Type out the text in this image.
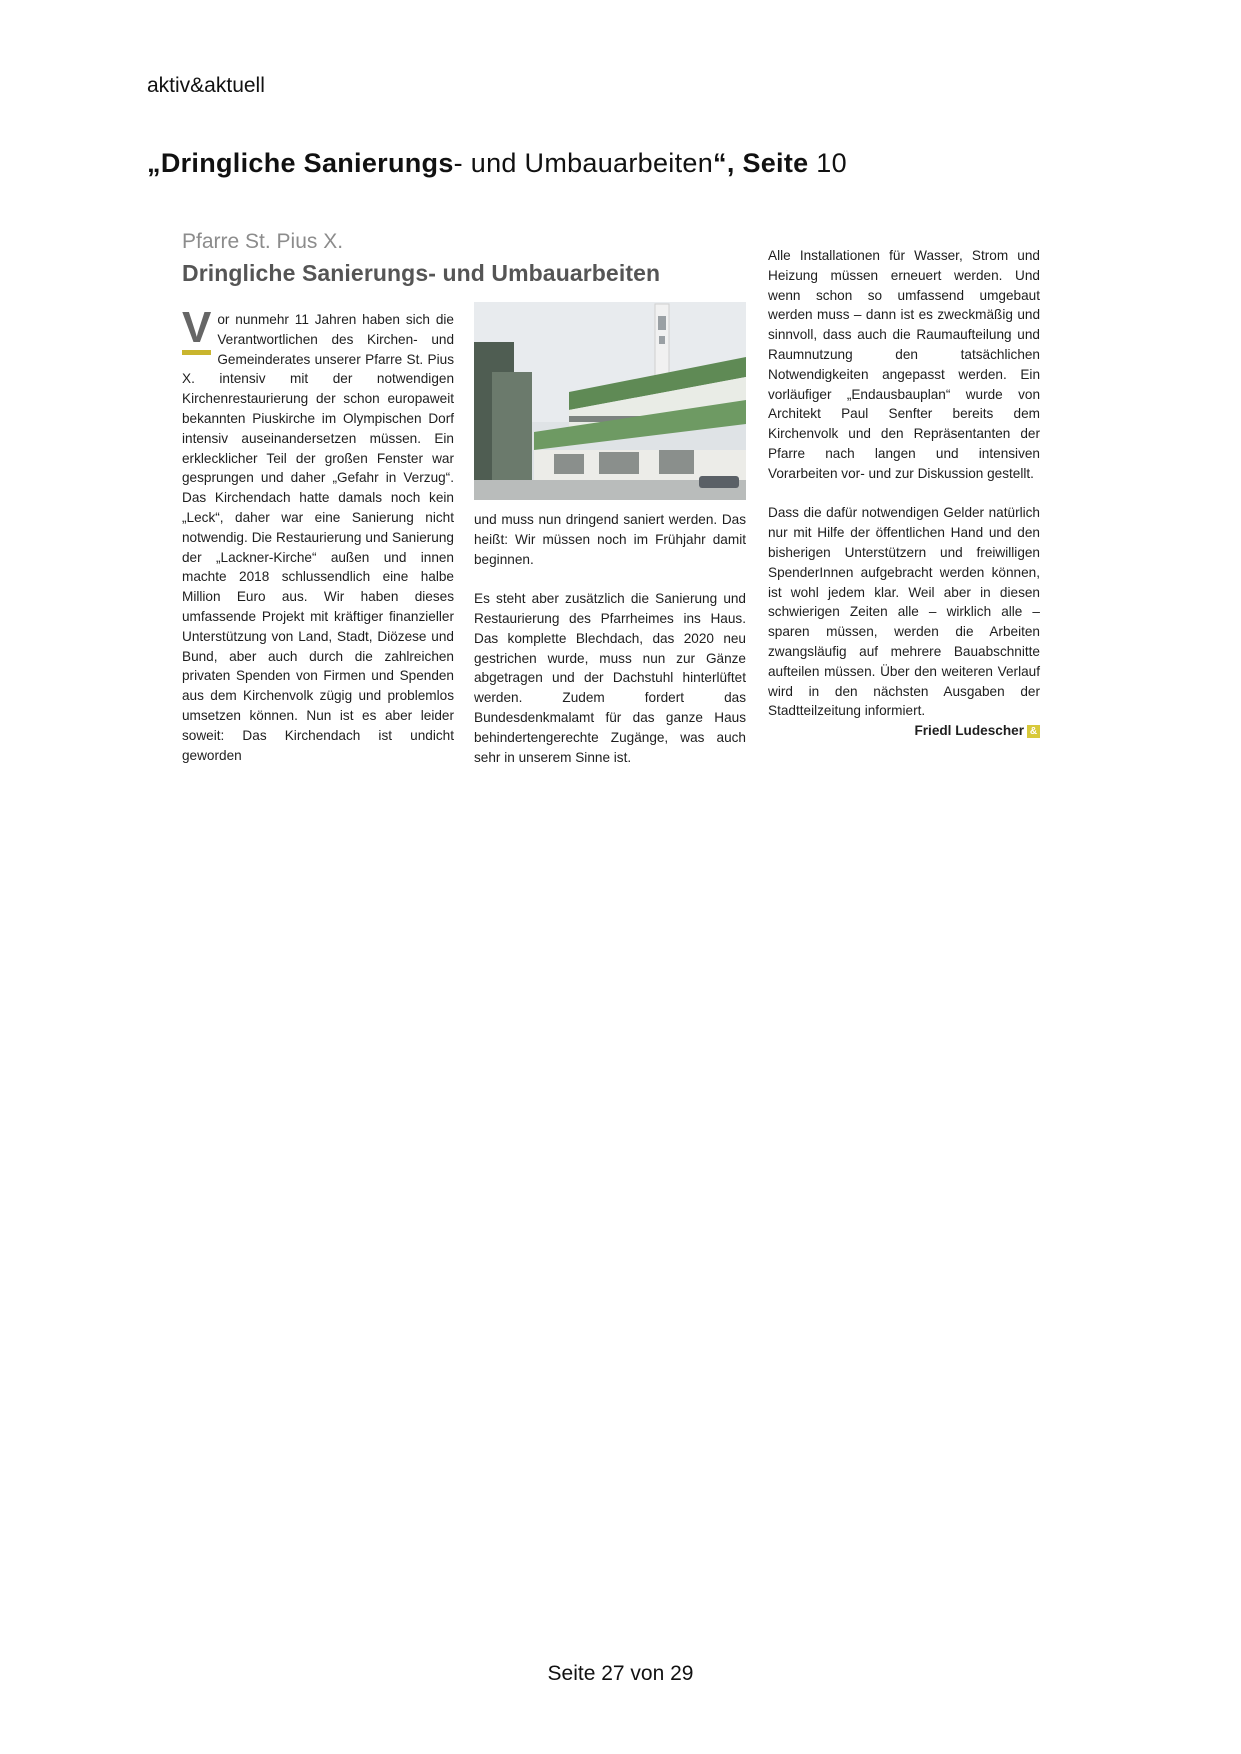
aktiv&aktuell
„Dringliche Sanierungs- und Umbauarbeiten“, Seite 10
Pfarre St. Pius X.
Dringliche Sanierungs- und Umbauarbeiten

V or nunmehr 11 Jahren haben sich die Verantwortlichen des Kirchen- und Gemeinderates unserer Pfarre St. Pius X. intensiv mit der notwendigen Kirchenrestaurierung der schon europaweit bekannten Piuskirche im Olympischen Dorf intensiv auseinandersetzen müssen. Ein erklecklicher Teil der großen Fenster war gesprungen und daher „Gefahr in Verzug“. Das Kirchendach hatte damals noch kein „Leck“, daher war eine Sanierung nicht notwendig. Die Restaurierung und Sanierung der „Lackner-Kirche“ außen und innen machte 2018 schlussendlich eine halbe Million Euro aus. Wir haben dieses umfassende Projekt mit kräftiger finanzieller Unterstützung von Land, Stadt, Diözese und Bund, aber auch durch die zahlreichen privaten Spenden von Firmen und Spenden aus dem Kirchenvolk zügig und problemlos umsetzen können. Nun ist es aber leider soweit: Das Kirchendach ist undicht geworden

und muss nun dringend saniert werden. Das heißt: Wir müssen noch im Frühjahr damit beginnen.

Es steht aber zusätzlich die Sanierung und Restaurierung des Pfarrheimes ins Haus. Das komplette Blechdach, das 2020 neu gestrichen wurde, muss nun zur Gänze abgetragen und der Dachstuhl hinterlüftet werden. Zudem fordert das Bundesdenkmalamt für das ganze Haus behindertengerechte Zugänge, was auch sehr in unserem Sinne ist.

Alle Installationen für Wasser, Strom und Heizung müssen erneuert werden. Und wenn schon so umfassend umgebaut werden muss – dann ist es zweckmäßig und sinnvoll, dass auch die Raumaufteilung und Raumnutzung den tatsächlichen Notwendigkeiten angepasst werden. Ein vorläufiger „Endausbauplan“ wurde von Architekt Paul Senfter bereits dem Kirchenvolk und den Repräsentanten der Pfarre nach langen und intensiven Vorarbeiten vor- und zur Diskussion gestellt.

Dass die dafür notwendigen Gelder natürlich nur mit Hilfe der öffentlichen Hand und den bisherigen Unterstützern und freiwilligen SpenderInnen aufgebracht werden können, ist wohl jedem klar. Weil aber in diesen schwierigen Zeiten alle – wirklich alle – sparen müssen, werden die Arbeiten zwangsläufig auf mehrere Bauabschnitte aufteilen müssen. Über den weiteren Verlauf wird in den nächsten Ausgaben der Stadtteilzeitung informiert.
Friedl Ludescher &

Seite 27 von 29
